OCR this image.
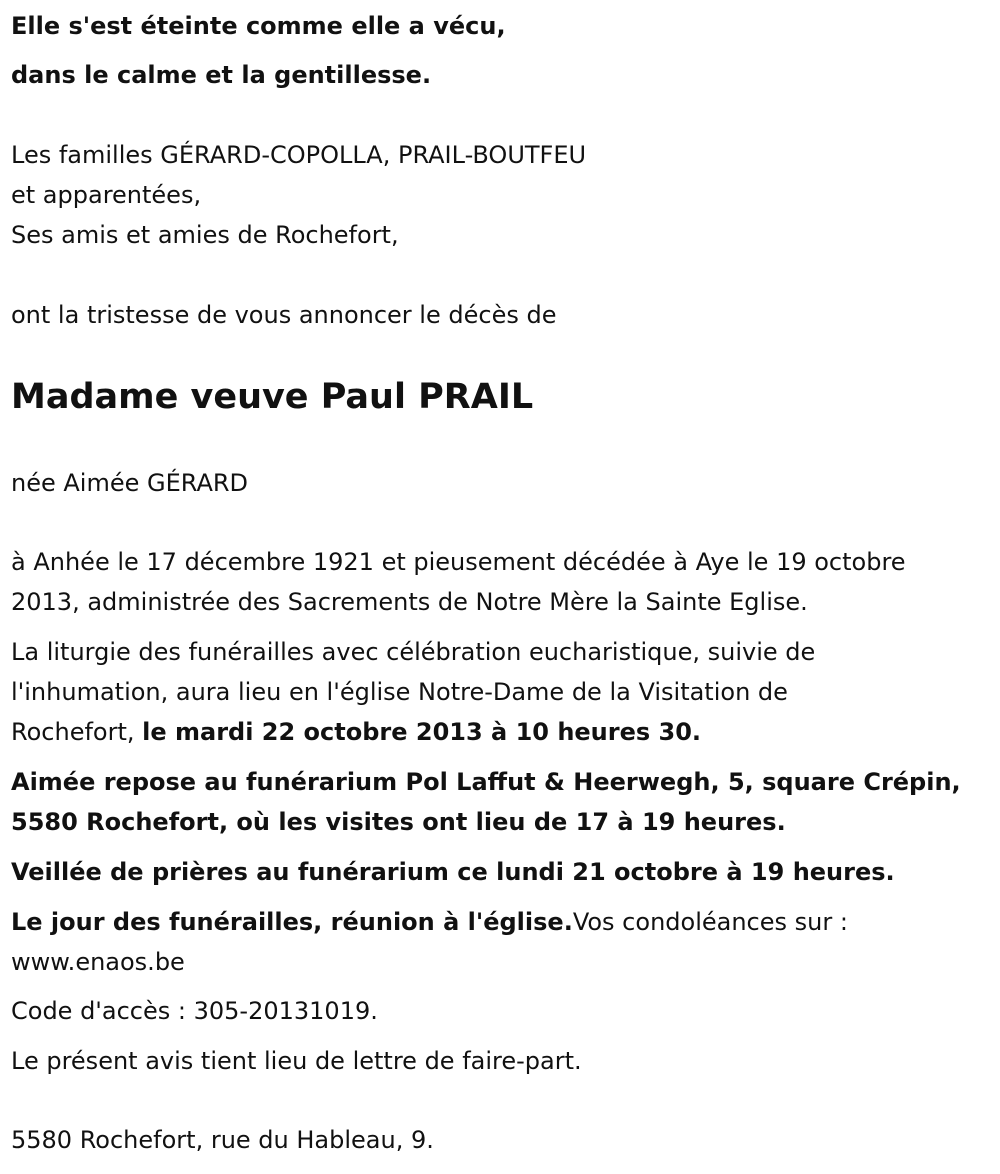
Elle s'est éteinte comme elle a vécu,
dans le calme et la gentillesse.
Les familles GÉRARD-COPOLLA, PRAIL-BOUTFEU
et apparentées,
Ses amis et amies de Rochefort,
ont la tristesse de vous annoncer le décès de
Madame veuve Paul PRAIL
née Aimée GÉRARD
à Anhée le 17 décembre 1921 et pieusement décédée à Aye le 19 octobre
2013, administrée des Sacrements de Notre Mère la Sainte Eglise.
La liturgie des funérailles avec célébration eucharistique, suivie de
l'inhumation, aura lieu en l'église Notre-Dame de la Visitation de
Rochefort, le mardi 22 octobre 2013 à 10 heures 30.
Aimée repose au funérarium Pol Laffut & Heerwegh, 5, square Crépin,
5580 Rochefort, où les visites ont lieu de 17 à 19 heures.
Veillée de prières au funérarium ce lundi 21 octobre à 19 heures.
Le jour des funérailles, réunion à l'église.Vos condoléances sur :
www.enaos.be
Code d'accès : 305-20131019.
Le présent avis tient lieu de lettre de faire-part.
5580 Rochefort, rue du Hableau, 9.
